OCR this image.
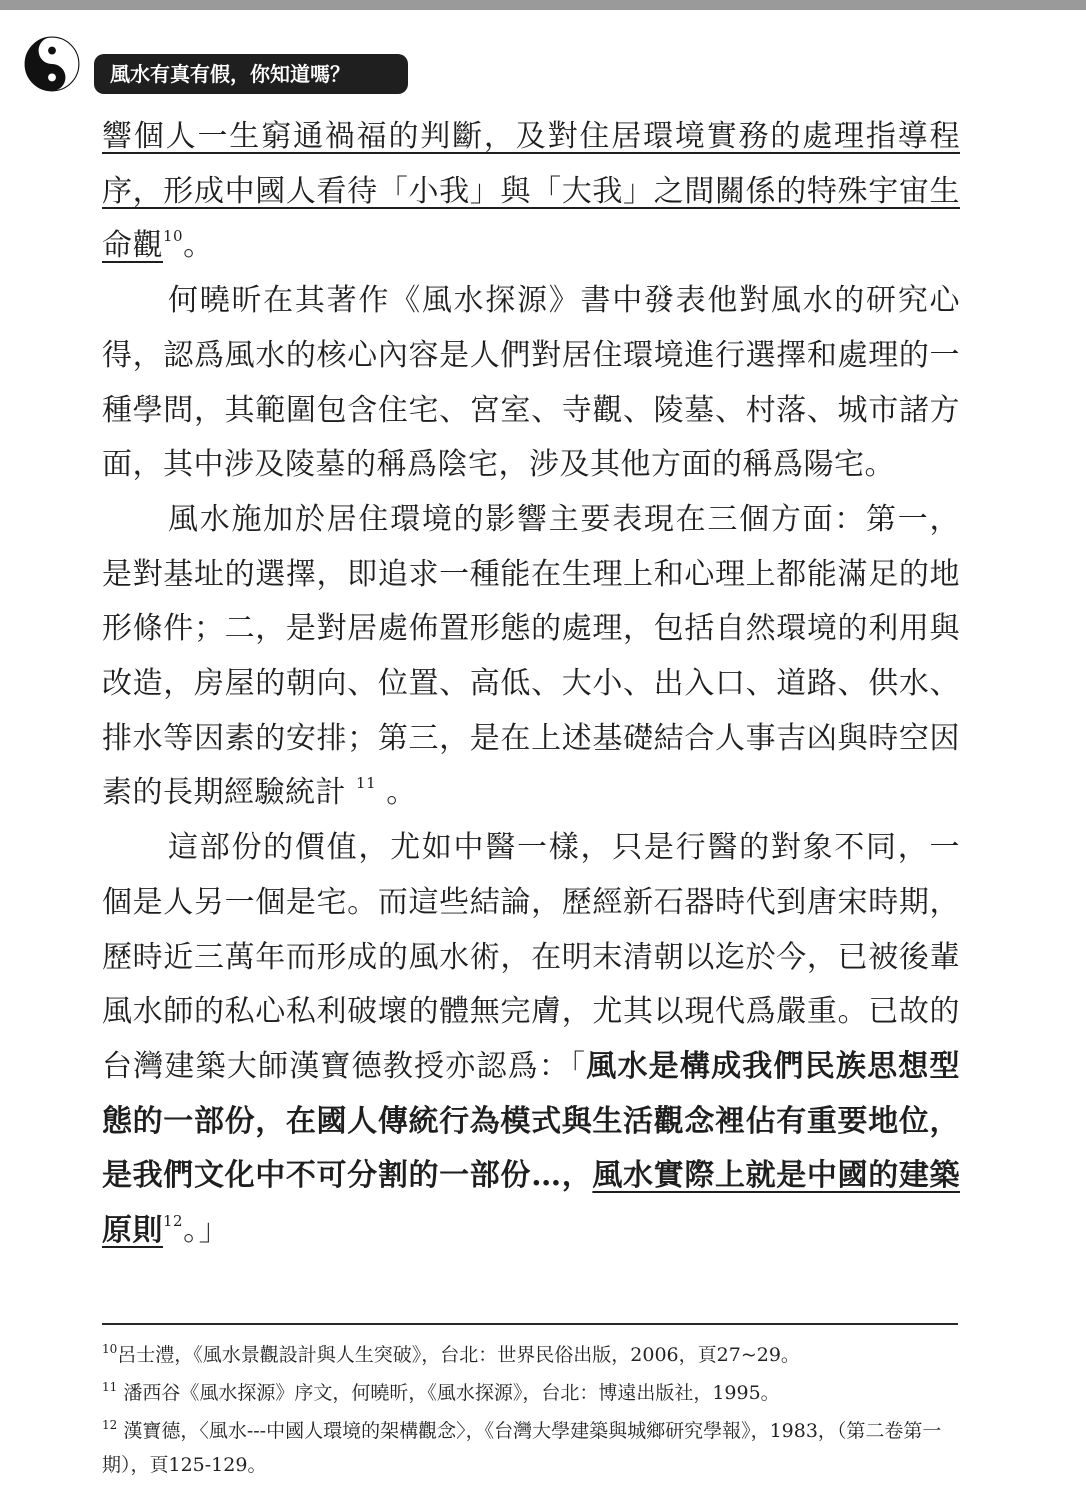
風水有真有假，你知道嗎？

響個人一生窮通禍福的判斷，及對住居環境實務的處理指導程序，形成中國人看待「小我」與「大我」之間關係的特殊宇宙生命觀$^{10}$。

何曉昕在其著作《風水探源》書中發表他對風水的研究心得，認爲風水的核心內容是人們對居住環境進行選擇和處理的一種學問，其範圍包含住宅、宮室、寺觀、陵墓、村落、城市諸方面，其中涉及陵墓的稱爲陰宅，涉及其他方面的稱爲陽宅。

風水施加於居住環境的影響主要表現在三個方面：第一，是對基址的選擇，即追求一種能在生理上和心理上都能滿足的地形條件；二，是對居處佈置形態的處理，包括自然環境的利用與改造，房屋的朝向、位置、高低、大小、出入口、道路、供水、排水等因素的安排；第三，是在上述基礎結合人事吉凶與時空因素的長期經驗統計 $^{11}$ 。

這部份的價值，尤如中醫一樣，只是行醫的對象不同，一個是人另一個是宅。而這些結論，歷經新石器時代到唐宋時期，歷時近三萬年而形成的風水術，在明末清朝以迄於今，已被後輩風水師的私心私利破壞的體無完膚，尤其以現代爲嚴重。已故的台灣建築大師漢寶德教授亦認爲：「風水是構成我們民族思想型態的一部份，在國人傳統行為模式與生活觀念裡佔有重要地位，是我們文化中不可分割的一部份…，風水實際上就是中國的建築原則$^{12}$。」

$^{10}$呂士澧，《風水景觀設計與人生突破》，台北：世界民俗出版，2006，頁27~29。

$^{11}$ 潘西谷《風水探源》序文，何曉昕，《風水探源》，台北：博遠出版社，1995。

$^{12}$ 漢寶德，〈風水---中國人環境的架構觀念〉，《台灣大學建築與城鄉研究學報》，1983，（第二卷第一期），頁125-129。
